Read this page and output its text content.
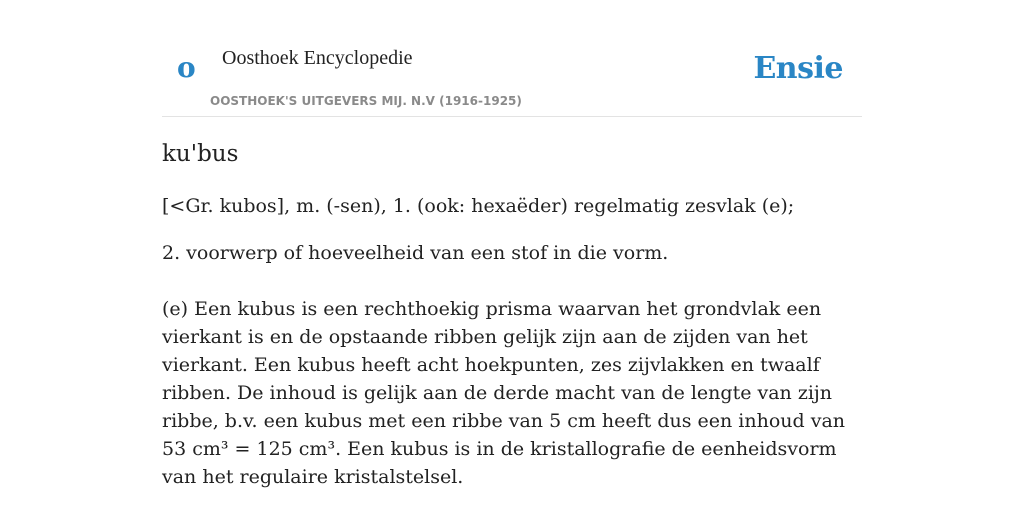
o Oosthoek Encyclopedie
OOSTHOEK'S UITGEVERS MIJ. N.V (1916-1925)
Ensie
ku'bus
[<Gr. kubos], m. (-sen), 1. (ook: hexaëder) regelmatig zesvlak (e);
2. voorwerp of hoeveelheid van een stof in die vorm.

(e) Een kubus is een rechthoekig prisma waarvan het grondvlak een vierkant is en de opstaande ribben gelijk zijn aan de zijden van het vierkant. Een kubus heeft acht hoekpunten, zes zijvlakken en twaalf ribben. De inhoud is gelijk aan de derde macht van de lengte van zijn ribbe, b.v. een kubus met een ribbe van 5 cm heeft dus een inhoud van 53 cm³ = 125 cm³. Een kubus is in de kristallografie de eenheidsvorm van het regulaire kristalstelsel.
